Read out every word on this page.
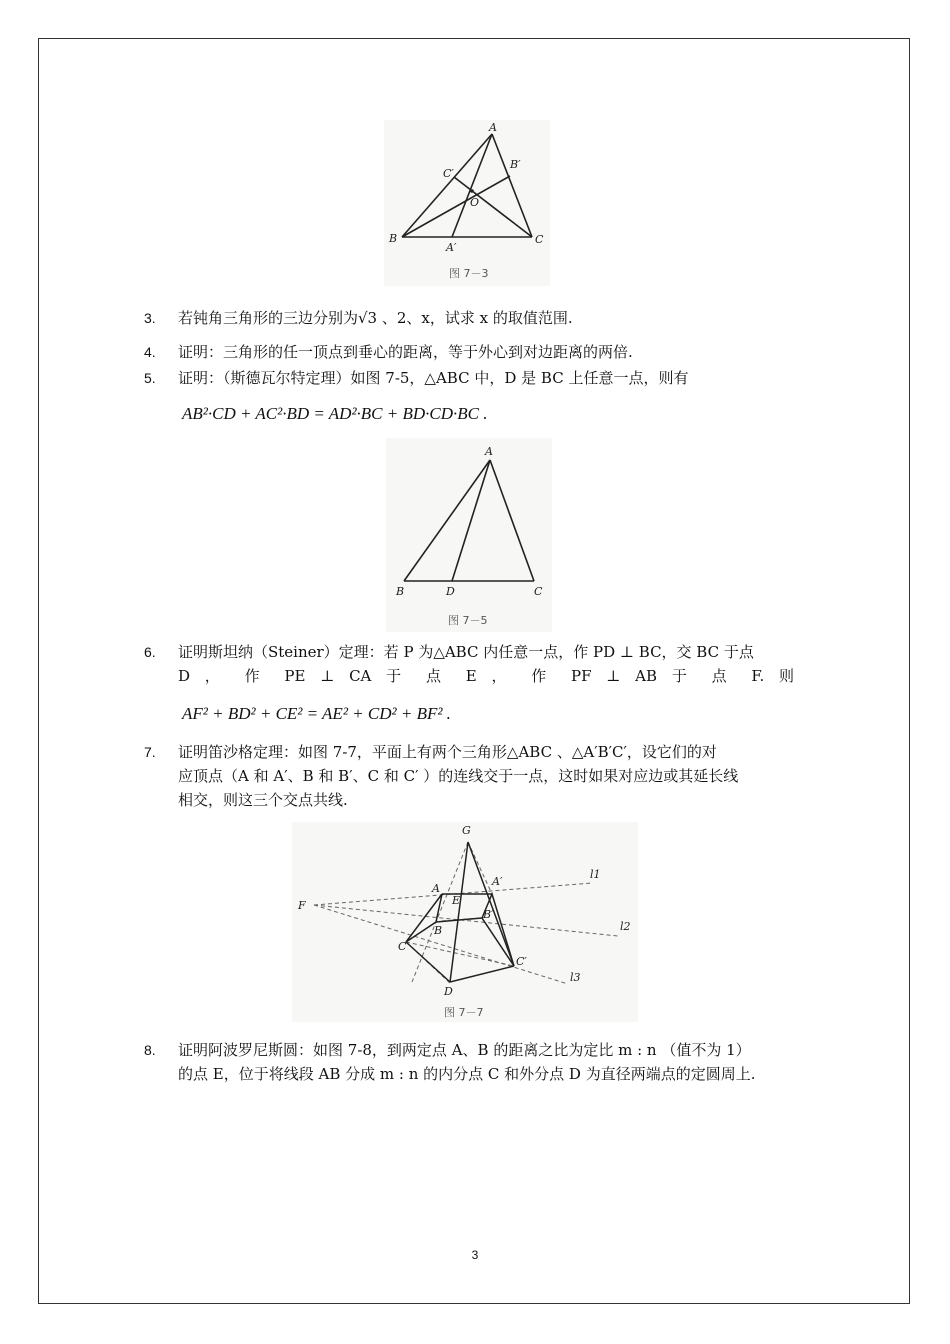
A
B′
C′
O
B
A′
C
图 7－3
3. 若钝角三角形的三边分别为√3 、2、x，试求 x 的取值范围.
4. 证明：三角形的任一顶点到垂心的距离，等于外心到对边距离的两倍.
5. 证明：（斯德瓦尔特定理）如图 7-5，△ABC 中，D 是 BC 上任意一点，则有
AB²·CD + AC²·BD = AD²·BC + BD·CD·BC .
A
B	D	C
图 7－5
6. 证明斯坦纳（Steiner）定理：若 P 为△ABC 内任意一点，作 PD ⊥ BC，交 BC 于点
D ， 作 PE ⊥ CA 于 点 E ， 作 PF ⊥ AB 于 点 F. 则
AF² + BD² + CE² = AE² + CD² + BF² .
7. 证明笛沙格定理：如图 7-7，平面上有两个三角形△ABC 、△A′B′C′，设它们的对
应顶点（A 和 A′、B 和 B′、C 和 C′ ）的连线交于一点，这时如果对应边或其延长线
相交，则这三个交点共线.
G
A
A′
E
B
B′
F
C
C′
D
l1
l2
l3
图 7－7
8. 证明阿波罗尼斯圆：如图 7-8，到两定点 A、B 的距离之比为定比 m : n （值不为 1）
的点 E，位于将线段 AB 分成 m : n 的内分点 C 和外分点 D 为直径两端点的定圆周上.
3
